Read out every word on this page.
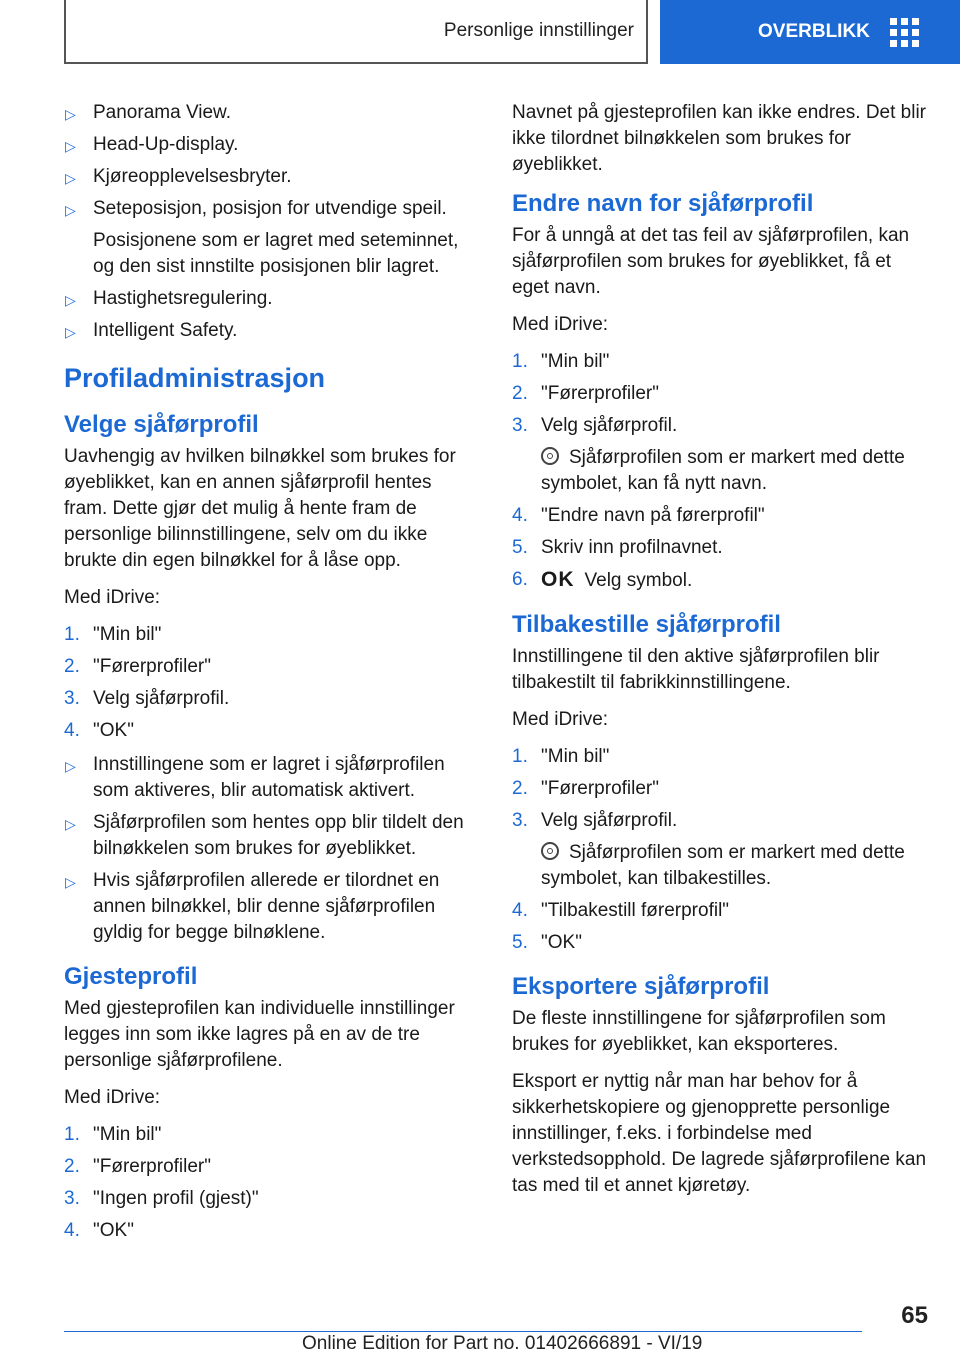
Personlige innstillinger	OVERBLIKK
▷ Panorama View.
▷ Head-Up-display.
▷ Kjøreopplevelsesbryter.
▷ Seteposisjon, posisjon for utvendige speil.
Posisjonene som er lagret med seteminnet, og den sist innstilte posisjonen blir lagret.
▷ Hastighetsregulering.
▷ Intelligent Safety.
Profiladministrasjon
Velge sjåførprofil

Uavhengig av hvilken bilnøkkel som brukes for øyeblikket, kan en annen sjåførprofil hentes fram. Dette gjør det mulig å hente fram de personlige bilinnstillingene, selv om du ikke brukte din egen bilnøkkel for å låse opp.

Med iDrive:

1. "Min bil"
2. "Førerprofiler"
3. Velg sjåførprofil.
4. "OK"
▷ Innstillingene som er lagret i sjåførprofilen som aktiveres, blir automatisk aktivert.
▷ Sjåførprofilen som hentes opp blir tildelt den bilnøkkelen som brukes for øyeblikket.
▷ Hvis sjåførprofilen allerede er tilordnet en annen bilnøkkel, blir denne sjåførprofilen gyldig for begge bilnøklene.
Gjesteprofil

Med gjesteprofilen kan individuelle innstillinger legges inn som ikke lagres på en av de tre personlige sjåførprofilene.

Med iDrive:

1. "Min bil"
2. "Førerprofiler"
3. "Ingen profil (gjest)"
4. "OK"

Navnet på gjesteprofilen kan ikke endres. Det blir ikke tilordnet bilnøkkelen som brukes for øyeblikket.

Endre navn for sjåførprofil

For å unngå at det tas feil av sjåførprofilen, kan sjåførprofilen som brukes for øyeblikket, få et eget navn.

Med iDrive:

1. "Min bil"
2. "Førerprofiler"
3. Velg sjåførprofil.
Sjåførprofilen som er markert med dette symbolet, kan få nytt navn.
4. "Endre navn på førerprofil"
5. Skriv inn profilnavnet.
6. OK Velg symbol.
Tilbakestille sjåførprofil

Innstillingene til den aktive sjåførprofilen blir tilbakestilt til fabrikkinnstillingene.

Med iDrive:

1. "Min bil"
2. "Førerprofiler"
3. Velg sjåførprofil.
Sjåførprofilen som er markert med dette symbolet, kan tilbakestilles.
4. "Tilbakestill førerprofil"
5. "OK"
Eksportere sjåførprofil

De fleste innstillingene for sjåførprofilen som brukes for øyeblikket, kan eksporteres.

Eksport er nyttig når man har behov for å sikkerhetskopiere og gjenopprette personlige innstillinger, f.eks. i forbindelse med verkstedsopphold. De lagrede sjåførprofilene kan tas med til et annet kjøretøy.

65
Online Edition for Part no. 01402666891 - VI/19
